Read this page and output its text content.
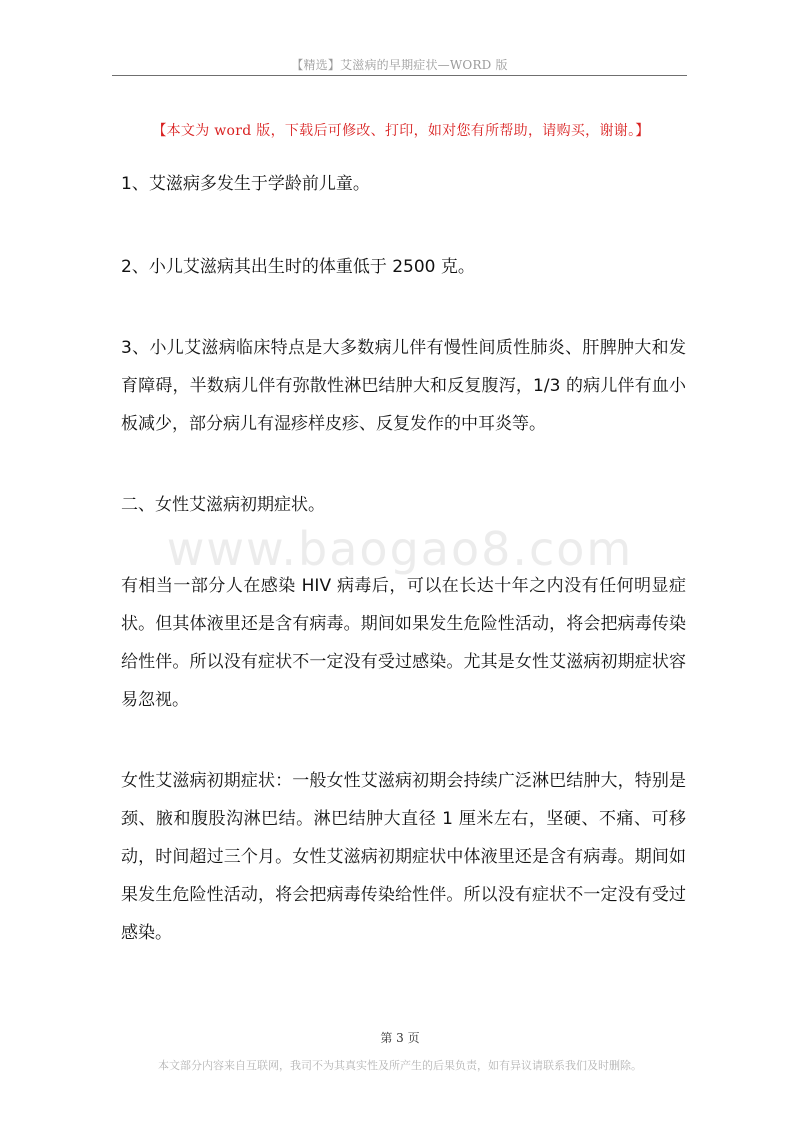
【精选】艾滋病的早期症状—WORD 版
【本文为 word 版，下载后可修改、打印，如对您有所帮助，请购买，谢谢。】
www.baogao8.com

1、艾滋病多发生于学龄前儿童。

2、小儿艾滋病其出生时的体重低于 2500 克。

3、小儿艾滋病临床特点是大多数病儿伴有慢性间质性肺炎、肝脾肿大和发育障碍，半数病儿伴有弥散性淋巴结肿大和反复腹泻，1/3 的病儿伴有血小板减少，部分病儿有湿疹样皮疹、反复发作的中耳炎等。

二、女性艾滋病初期症状。

有相当一部分人在感染 HIV 病毒后，可以在长达十年之内没有任何明显症状。但其体液里还是含有病毒。期间如果发生危险性活动，将会把病毒传染给性伴。所以没有症状不一定没有受过感染。尤其是女性艾滋病初期症状容易忽视。

女性艾滋病初期症状：一般女性艾滋病初期会持续广泛淋巴结肿大，特别是颈、腋和腹股沟淋巴结。淋巴结肿大直径 1 厘米左右，坚硬、不痛、可移动，时间超过三个月。女性艾滋病初期症状中体液里还是含有病毒。期间如果发生危险性活动，将会把病毒传染给性伴。所以没有症状不一定没有受过感染。

第 3 页
本文部分内容来自互联网，我司不为其真实性及所产生的后果负责，如有异议请联系我们及时删除。
